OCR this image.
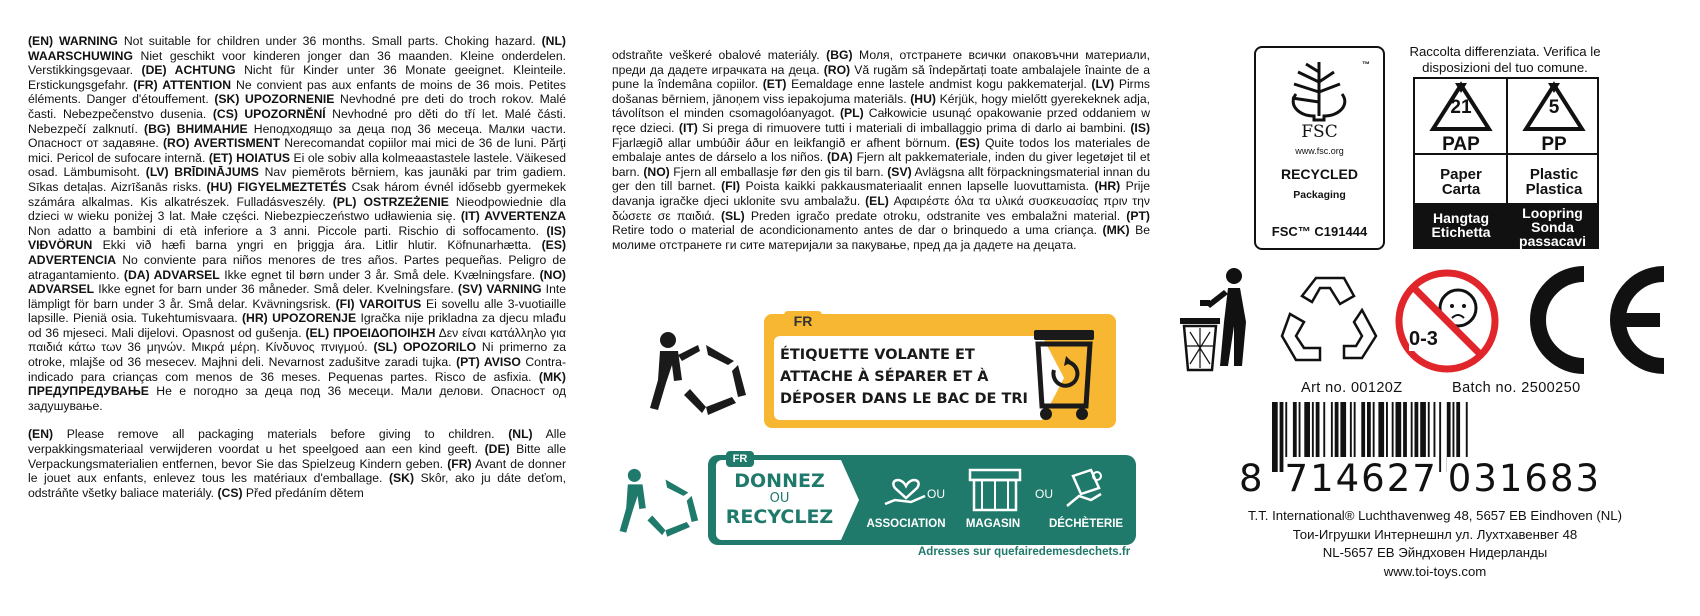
(EN) WARNING Not suitable for children under 36 months. Small parts. Choking hazard. (NL) WAARSCHUWING Niet geschikt voor kinderen jonger dan 36 maanden. Kleine onderdelen. Verstikkingsgevaar. (DE) ACHTUNG Nicht für Kinder unter 36 Monate geeignet. Kleinteile. Erstickungsgefahr. (FR) ATTENTION Ne convient pas aux enfants de moins de 36 mois. Petites éléments. Danger d'étouffement. (SK) UPOZORNENIE Nevhodné pre deti do troch rokov. Malé časti. Nebezpečenstvo dusenia. (CS) UPOZORNĚNÍ Nevhodné pro děti do tří let. Malé části. Nebezpečí zalknutí. (BG) ВНИМАНИЕ Неподходящо за деца под 36 месеца. Малки части. Опасност от задавяне. (RO) AVERTISMENT Nerecomandat copiilor mai mici de 36 de luni. Părți mici. Pericol de sufocare internă. (ET) HOIATUS Ei ole sobiv alla kolmeaastastele lastele. Väikesed osad. Lämbumisoht. (LV) BRĪDINĀJUMS Nav piemērots bērniem, kas jaunāki par trim gadiem. Sīkas detaļas. Aizrīšanās risks. (HU) FIGYELMEZTETÉS Csak három évnél idősebb gyermekek számára alkalmas. Kis alkatrészek. Fulladásveszély. (PL) OSTRZEŻENIE Nieodpowiednie dla dzieci w wieku poniżej 3 lat. Małe części. Niebezpieczeństwo udławienia się. (IT) AVVERTENZA Non adatto a bambini di età inferiore a 3 anni. Piccole parti. Rischio di soffocamento. (IS) VIÐVÖRUN Ekki við hæfi barna yngri en þriggja ára. Litlir hlutir. Köfnunarhætta. (ES) ADVERTENCIA No conviente para niños menores de tres años. Partes pequeñas. Peligro de atragantamiento. (DA) ADVARSEL Ikke egnet til børn under 3 år. Små dele. Kvælningsfare. (NO) ADVARSEL Ikke egnet for barn under 36 måneder. Små deler. Kvelningsfare. (SV) VARNING Inte lämpligt för barn under 3 år. Små delar. Kvävningsrisk. (FI) VAROITUS Ei sovellu alle 3-vuotiaille lapsille. Pieniä osia. Tukehtumisvaara. (HR) UPOZORENJE Igračka nije prikladna za djecu mlađu od 36 mjeseci. Mali dijelovi. Opasnost od gušenja. (EL) ΠΡΟΕΙΔΟΠΟΙΗΣΗ Δεν είναι κατάλληλο για παιδιά κάτω των 36 μηνών. Μικρά μέρη. Κίνδυνος πνιγμού. (SL) OPOZORILO Ni primerno za otroke, mlajše od 36 mesecev. Majhni deli. Nevarnost zadušitve zaradi tujka. (PT) AVISO Contra-indicado para crianças com menos de 36 meses. Pequenas partes. Risco de asfixia. (MK) ПРЕДУПРЕДУВАЊЕ Не е погодно за деца под 36 месеци. Мали делови. Опасност од задушување.

(EN) Please remove all packaging materials before giving to children. (NL) Alle verpakkingsmateriaal verwijderen voordat u het speelgoed aan een kind geeft. (DE) Bitte alle Verpackungsmaterialien entfernen, bevor Sie das Spielzeug Kindern geben. (FR) Avant de donner le jouet aux enfants, enlevez tous les matériaux d'emballage. (SK) Skôr, ako ju dáte deťom, odstráňte všetky baliace materiály. (CS) Před předáním dětem

odstraňte veškeré obalové materiály. (BG) Моля, отстранете всички опаковъчни материали, преди да дадете играчката на деца. (RO) Vă rugăm să îndepărtați toate ambalajele înainte de a pune la îndemâna copiilor. (ET) Eemaldage enne lastele andmist kogu pakkematerjal. (LV) Pirms došanas bērniem, jānoņem viss iepakojuma materiāls. (HU) Kérjük, hogy mielőtt gyerekeknek adja, távolítson el minden csomagolóanyagot. (PL) Całkowicie usunąć opakowanie przed oddaniem w ręce dzieci. (IT) Si prega di rimuovere tutti i materiali di imballaggio prima di darlo ai bambini. (IS) Fjarlægið allar umbúðir áður en leikfangið er afhent börnum. (ES) Quite todos los materiales de embalaje antes de dárselo a los niños. (DA) Fjern alt pakkemateriale, inden du giver legetøjet til et barn. (NO) Fjern all emballasje før den gis til barn. (SV) Avlägsna allt förpackningsmaterial innan du ger den till barnet. (FI) Poista kaikki pakkausmateriaalit ennen lapselle luovuttamista. (HR) Prije davanja igračke djeci uklonite svu ambalažu. (EL) Αφαιρέστε όλα τα υλικά συσκευασίας πριν την δώσετε σε παιδιά. (SL) Preden igračo predate otroku, odstranite ves embalažni material. (PT) Retire todo o material de acondicionamento antes de dar o brinquedo a uma criança. (MK) Ве молиме отстранете ги сите материјали за пакување, пред да ја дадете на децата.

FR
ÉTIQUETTE VOLANTE ET
ATTACHE À SÉPARER ET À
DÉPOSER DANS LE BAC DE TRI
FR
DONNEZ
OU
RECYCLEZ	ASSOCIATION
OU
MAGASIN
OU
DÉCHÈTERIE
Adresses sur quefairedemesdechets.fr
™
FSC
www.fsc.org
RECYCLED
Packaging
FSC™ C191444
Raccolta differenziata. Verifica le disposizioni del tuo comune.
21
PAP
5
PP
Paper
Carta
Plastic
Plastica
Hangtag
Etichetta
Loopring
Sonda
passacavi
0-3
Art no. 00120Z	Batch no. 2500250
8 714627 031683
T.T. International® Luchthavenweg 48, 5657 EB Eindhoven (NL)
Тои-Игрушки Интернешнл ул. Лухтхавенвег 48
NL-5657 ЕВ Эйндховен Нидерланды
www.toi-toys.com
